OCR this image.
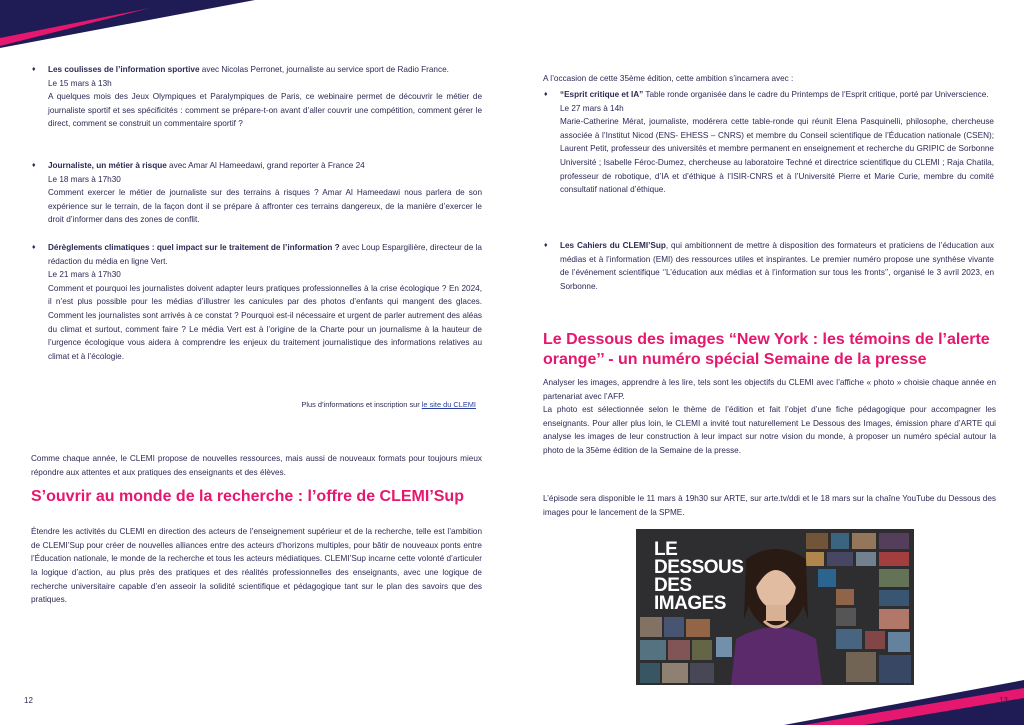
♦ Les coulisses de l’information sportive avec Nicolas Perronet, journaliste au service sport de Radio France.

Le 15 mars à 13h

A quelques mois des Jeux Olympiques et Paralympiques de Paris, ce webinaire permet de découvrir le métier de journaliste sportif et ses spécificités : comment se prépare-t-on avant d’aller couvrir une compétition, comment gérer le direct, comment se construit un commentaire sportif ?

♦ Journaliste, un métier à risque avec Amar Al Hameedawi, grand reporter à France 24

Le 18 mars à 17h30

Comment exercer le métier de journaliste sur des terrains à risques ? Amar Al Hameedawi nous parlera de son expérience sur le terrain, de la façon dont il se prépare à affronter ces terrains dangereux, de la manière d’exercer le droit d’informer dans des zones de conflit.

♦ Dérèglements climatiques : quel impact sur le traitement de l’information ? avec Loup Espargilière, directeur de la rédaction du média en ligne Vert.

Le 21 mars à 17h30

Comment et pourquoi les journalistes doivent adapter leurs pratiques professionnelles à la crise écologique ? En 2024, il n’est plus possible pour les médias d’illustrer les canicules par des photos d’enfants qui mangent des glaces. Comment les journalistes sont arrivés à ce constat ? Pourquoi est-il nécessaire et urgent de parler autrement des aléas du climat et surtout, comment faire ? Le média Vert est à l’origine de la Charte pour un journalisme à la hauteur de l’urgence écologique vous aidera à comprendre les enjeux du traitement journalistique des informations relatives au climat et à l’écologie.

Plus d’informations et inscription sur le site du CLEMI

Comme chaque année, le CLEMI propose de nouvelles ressources, mais aussi de nouveaux formats pour toujours mieux répondre aux attentes et aux pratiques des enseignants et des élèves.

S’ouvrir au monde de la recherche : l’offre de CLEMI’Sup

Étendre les activités du CLEMI en direction des acteurs de l’enseignement supérieur et de la recherche, telle est l’ambition de CLEMI’Sup pour créer de nouvelles alliances entre des acteurs d’horizons multiples, pour bâtir de nouveaux ponts entre l’Éducation nationale, le monde de la recherche et tous les acteurs médiatiques. CLEMI’Sup incarne cette volonté d’articuler la logique d’action, au plus près des pratiques et des réalités professionnelles des enseignants, avec une logique de recherche universitaire capable d’en asseoir la solidité scientifique et pédagogique tant sur le plan des savoirs que des pratiques.

12

A l’occasion de cette 35ème édition, cette ambition s’incarnera avec :

♦ “Esprit critique et IA” Table ronde organisée dans le cadre du Printemps de l’Esprit critique, porté par Universcience.

Le 27 mars à 14h

Marie-Catherine Mérat, journaliste, modérera cette table-ronde qui réunit Elena Pasquinelli, philosophe, chercheuse associée à l’Institut Nicod (ENS- EHESS – CNRS) et membre du Conseil scientifique de l’Éducation nationale (CSEN); Laurent Petit, professeur des universités et membre permanent en enseignement et recherche du GRIPIC de Sorbonne Université ; Isabelle Féroc-Dumez, chercheuse au laboratoire Techné et directrice scientifique du CLEMI ; Raja Chatila, professeur de robotique, d’IA et d’éthique à l’ISIR-CNRS et à l’Université Pierre et Marie Curie, membre du comité consultatif national d’éthique.

♦ Les Cahiers du CLEMI’Sup, qui ambitionnent de mettre à disposition des formateurs et praticiens de l’éducation aux médias et à l’information (EMI) des ressources utiles et inspirantes. Le premier numéro propose une synthèse vivante de l’événement scientifique ‘’L’éducation aux médias et à l’information sur tous les fronts’’, organisé le 3 avril 2023, en Sorbonne.

Le Dessous des images “New York : les témoins de l’alerte orange’’ - un numéro spécial Semaine de la presse

Analyser les images, apprendre à les lire, tels sont les objectifs du CLEMI avec l’affiche « photo » choisie chaque année en partenariat avec l’AFP.

La photo est sélectionnée selon le thème de l’édition et fait l’objet d’une fiche pédagogique pour accompagner les enseignants. Pour aller plus loin, le CLEMI a invité tout naturellement Le Dessous des Images, émission phare d’ARTE qui analyse les images de leur construction à leur impact sur notre vision du monde, à proposer un numéro spécial autour la photo de la 35ème édition de la Semaine de la presse.

L’épisode sera disponible le 11 mars à 19h30 sur ARTE, sur arte.tv/ddi et le 18 mars sur la chaîne YouTube du Dessous des images pour le lancement de la SPME.

13
LE
DESSOUS
DES
IMAGES
